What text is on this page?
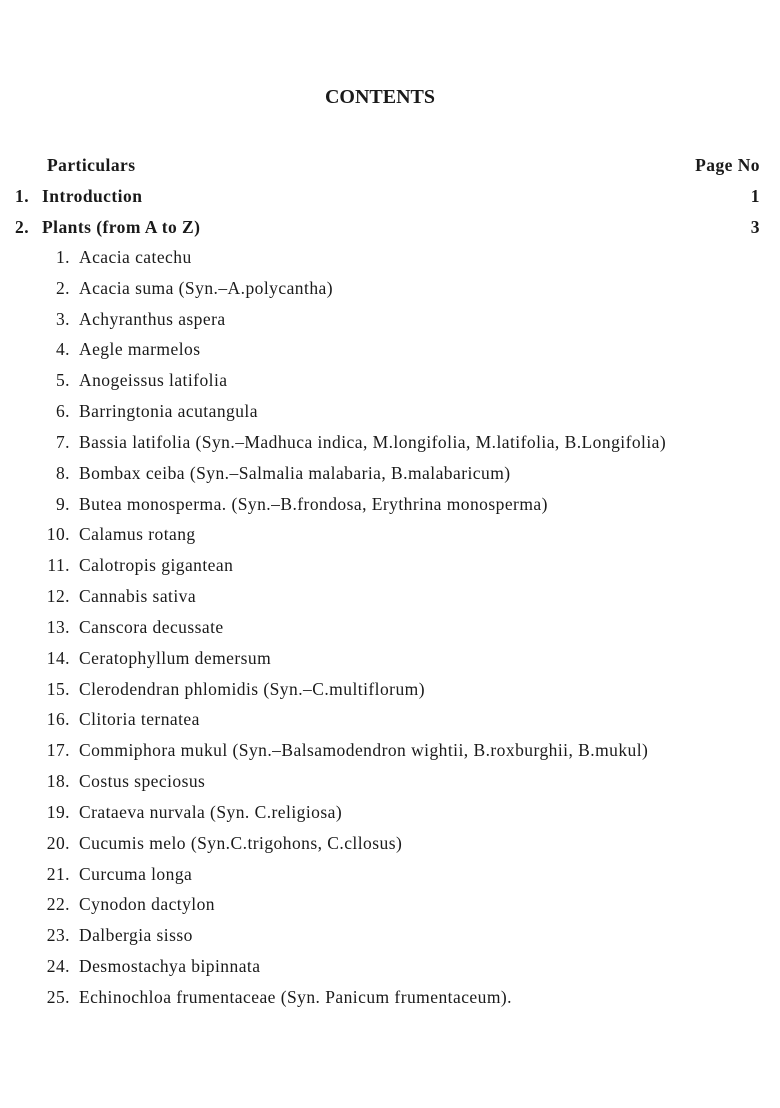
CONTENTS
Particulars	Page No
1. Introduction	1
2. Plants (from A to Z)	3
1. Acacia catechu
2. Acacia suma (Syn.–A.polycantha)
3. Achyranthus aspera
4. Aegle marmelos
5. Anogeissus latifolia
6. Barringtonia acutangula
7. Bassia latifolia (Syn.–Madhuca indica, M.longifolia, M.latifolia, B.Longifolia)
8. Bombax ceiba (Syn.–Salmalia malabaria, B.malabaricum)
9. Butea monosperma. (Syn.–B.frondosa, Erythrina monosperma)
10. Calamus rotang
11. Calotropis gigantean
12. Cannabis sativa
13. Canscora decussate
14. Ceratophyllum demersum
15. Clerodendran phlomidis (Syn.–C.multiflorum)
16. Clitoria ternatea
17. Commiphora mukul (Syn.–Balsamodendron wightii, B.roxburghii, B.mukul)
18. Costus speciosus
19. Crataeva nurvala (Syn. C.religiosa)
20. Cucumis melo (Syn.C.trigohons, C.cllosus)
21. Curcuma longa
22. Cynodon dactylon
23. Dalbergia sisso
24. Desmostachya bipinnata
25. Echinochloa frumentaceae (Syn. Panicum frumentaceum).
